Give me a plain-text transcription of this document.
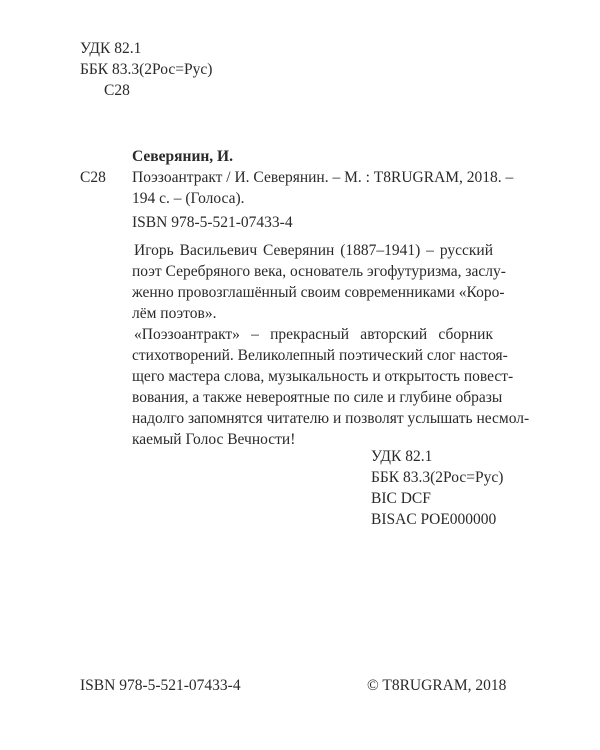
УДК 82.1
ББК 83.3(2Рос=Рус)
С28
Северянин, И.
С28 Поэзоантракт / И. Северянин. – М. : T8RUGRAM, 2018. –
194 с. – (Голоса).
ISBN 978-5-521-07433-4
Игорь Васильевич Северянин (1887–1941) – русский
поэт Серебряного века, основатель эгофутуризма, заслу-
женно провозглашённый своим современниками «Коро-
лём поэтов».
«Поэзоантракт» – прекрасный авторский сборник
стихотворений. Великолепный поэтический слог настоя-
щего мастера слова, музыкальность и открытость повест-
вования, а также невероятные по силе и глубине образы
надолго запомнятся читателю и позволят услышать несмол-
каемый Голос Вечности!
УДК 82.1
ББК 83.3(2Рос=Рус)
BIC DCF
BISAC POE000000
ISBN 978-5-521-07433-4	© T8RUGRAM, 2018
